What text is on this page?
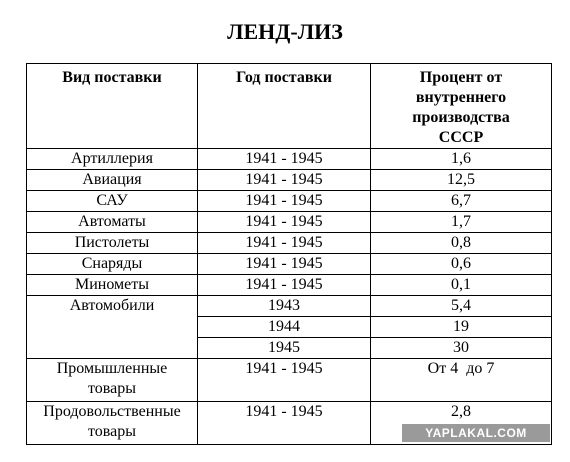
ЛЕНД-ЛИЗ
Вид поставки	Год поставки	Процент от внутреннего производства СССР
Артиллерия	1941 - 1945	1,6
Авиация	1941 - 1945	12,5
САУ	1941 - 1945	6,7
Автоматы	1941 - 1945	1,7
Пистолеты	1941 - 1945	0,8
Снаряды	1941 - 1945	0,6
Минометы	1941 - 1945	0,1
Автомобили	1943	5,4
	1944	19
	1945	30
Промышленные товары	1941 - 1945	От 4  до 7
Продовольственные товары	1941 - 1945	2,8
YAPLAKAL.COM
